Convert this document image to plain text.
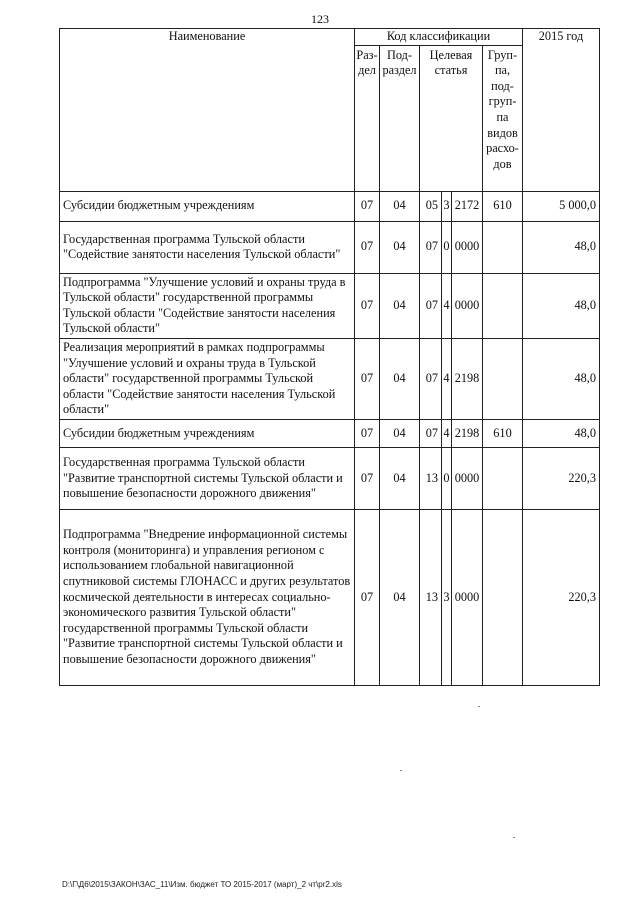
123
Наименование	Код классификации						2015 год
	Раз- дел	Под- раздел	Целевая статья			Груп- па, под- груп- па видов расхо- дов	
Субсидии бюджетным учреждениям	07	04	05	3	2172	610	5 000,0
Государственная программа Тульской области "Содействие занятости населения Тульской области"	07	04	07	0	0000		48,0
Подпрограмма "Улучшение условий и охраны труда в Тульской области" государственной программы Тульской области "Содействие занятости населения Тульской области"	07	04	07	4	0000		48,0
Реализация мероприятий в рамках подпрограммы "Улучшение условий и охраны труда в Тульской области" государственной программы Тульской области "Содействие занятости населения Тульской области"	07	04	07	4	2198		48,0
Субсидии бюджетным учреждениям	07	04	07	4	2198	610	48,0
Государственная программа Тульской области "Развитие транспортной системы Тульской области и повышение безопасности дорожного движения"	07	04	13	0	0000		220,3
Подпрограмма "Внедрение информационной системы контроля (мониторинга) и управления регионом с использованием глобальной навигационной спутниковой системы ГЛОНАСС и других результатов космической деятельности в интересах социально-экономического развития Тульской области" государственной программы Тульской области "Развитие транспортной системы Тульской области и повышение безопасности дорожного движения"	07	04	13	3	0000		220,3
D:\Г\Д6\2015\ЗАКОН\ЗАС_11\Изм. бюджет ТО 2015-2017 (март)_2 чт\pr2.xls
